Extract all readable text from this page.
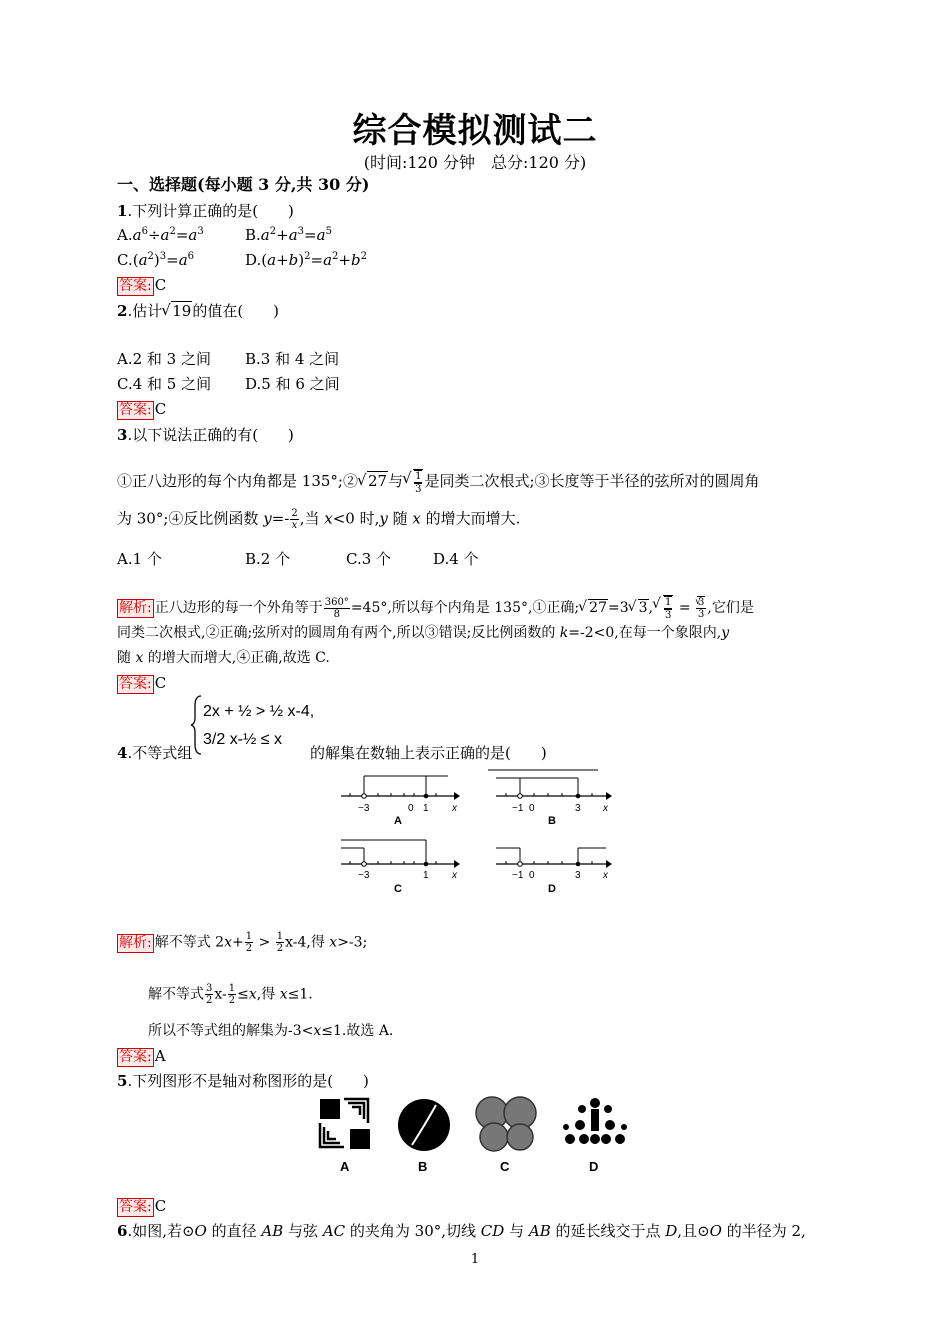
综合模拟测试二
(时间:120 分钟　总分:120 分)
一、选择题(每小题 3 分,共 30 分)
1.下列计算正确的是(　　)
$A.a^6\div a^2=a^3$	$B.a^2+a^3=a^5$
$C.(a^2)^3=a^6$	$D.(a+b)^2=a^2+b^2$
答案: C
2.估计 √ 19的值在(　　)
A.2 和 3 之间 B.3 和 4 之间
C.4 和 5 之间 D.5 和 6 之间
答案: C
3.以下说法正确的有(　　)
①正八边形的每个内角都是 135°;② √ 27与 √ $\frac{1}{3}$ 是同类二次根式;③长度等于半径的弦所对的圆周角
为 30°;④反比例函数 $y=- \frac{2}{x}$ ,当 x<0 时,y 随 x 的增大而增大.
A.1 个	B.2 个	C.3 个	D.4 个
解析: 正八边形的每一个外角等于 $\frac{360^\circ}{8} =45^\circ$,所以每个内角是 135°,①正确; √ 27=3 √ 3, √ $\frac{1}{3}$ = √ $\frac{3}{3}$ ,它们是
同类二次根式,②正确;弦所对的圆周角有两个,所以③错误;反比例函数的 k=-2<0,在每一个象限内,y
随 x 的增大而增大,④正确,故选 C.
答案: C
2x + ½ > ½ x-4,
3/2 x-½ ≤ x
4.不等式组	的解集在数轴上表示正确的是(　　)
−3	0 1 x
A
−1 0	3 x
B
−3	1 x
C
−1 0	3 x
D
解析: 解不等式 $2x+ \frac{1}{2} > \frac{1}{2} x-4$,得 x>-3;
解不等式 $\frac{3}{2} x- \frac{1}{2} \le x$,得 x≤1.
所以不等式组的解集为-3<x≤1.故选 A.
答案: A
5.下列图形不是轴对称图形的是(　　)
A	B	C	D
答案: C
6.如图,若⊙O 的直径 AB 与弦 AC 的夹角为 30°,切线 CD 与 AB 的延长线交于点 D,且⊙O 的半径为 2,
1
